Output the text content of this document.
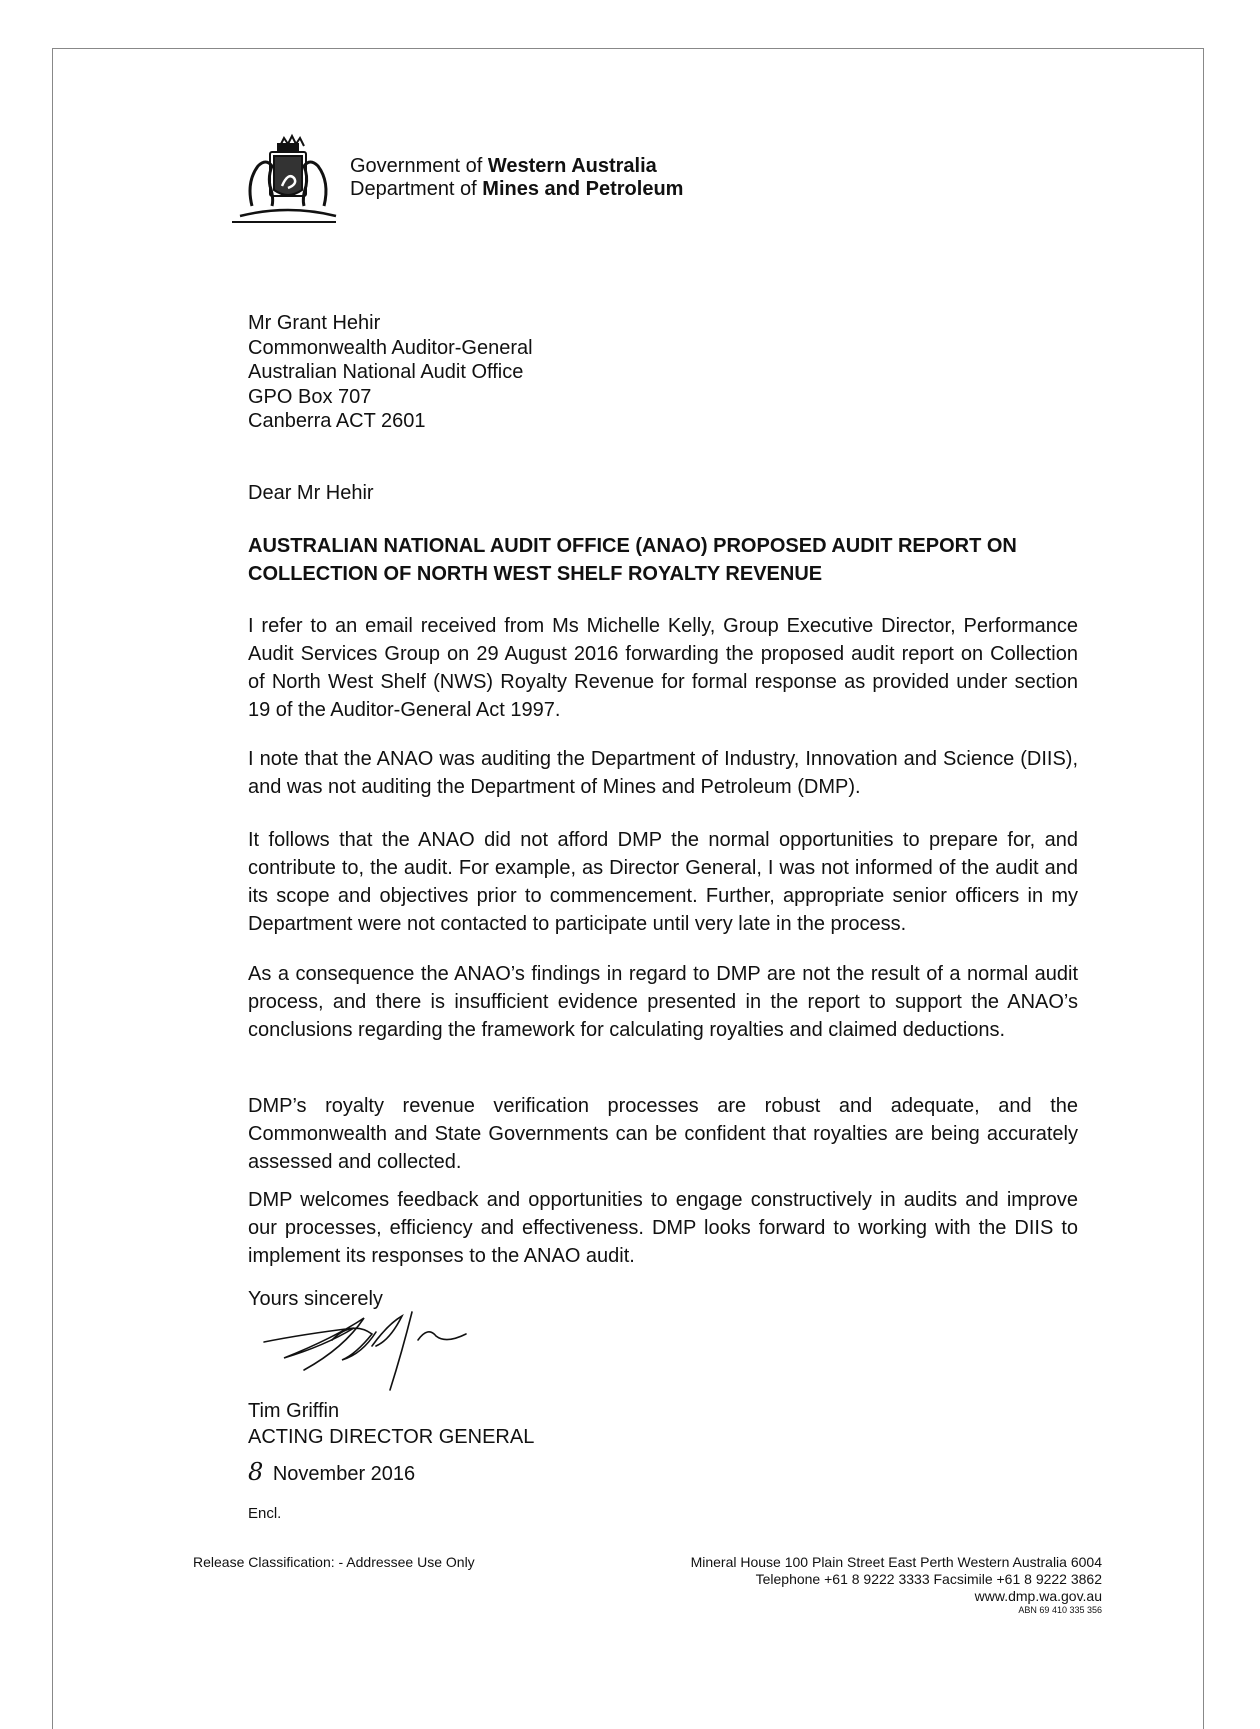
Government of Western Australia
Department of Mines and Petroleum
Mr Grant Hehir
Commonwealth Auditor-General
Australian National Audit Office
GPO Box 707
Canberra ACT 2601
Dear Mr Hehir
AUSTRALIAN NATIONAL AUDIT OFFICE (ANAO) PROPOSED AUDIT REPORT ON
COLLECTION OF NORTH WEST SHELF ROYALTY REVENUE

I refer to an email received from Ms Michelle Kelly, Group Executive Director, Performance Audit Services Group on 29 August 2016 forwarding the proposed audit report on Collection of North West Shelf (NWS) Royalty Revenue for formal response as provided under section 19 of the Auditor-General Act 1997.

I note that the ANAO was auditing the Department of Industry, Innovation and Science (DIIS), and was not auditing the Department of Mines and Petroleum (DMP).

It follows that the ANAO did not afford DMP the normal opportunities to prepare for, and contribute to, the audit. For example, as Director General, I was not informed of the audit and its scope and objectives prior to commencement. Further, appropriate senior officers in my Department were not contacted to participate until very late in the process.

As a consequence the ANAO’s findings in regard to DMP are not the result of a normal audit process, and there is insufficient evidence presented in the report to support the ANAO’s conclusions regarding the framework for calculating royalties and claimed deductions.

DMP’s royalty revenue verification processes are robust and adequate, and the Commonwealth and State Governments can be confident that royalties are being accurately assessed and collected.

DMP welcomes feedback and opportunities to engage constructively in audits and improve our processes, efficiency and effectiveness. DMP looks forward to working with the DIIS to implement its responses to the ANAO audit.

Yours sincerely
Tim Griffin
ACTING DIRECTOR GENERAL
8 November 2016
Encl.
Release Classification: - Addressee Use Only	Mineral House 100 Plain Street East Perth Western Australia 6004
Telephone +61 8 9222 3333 Facsimile +61 8 9222 3862
www.dmp.wa.gov.au
ABN 69 410 335 356
